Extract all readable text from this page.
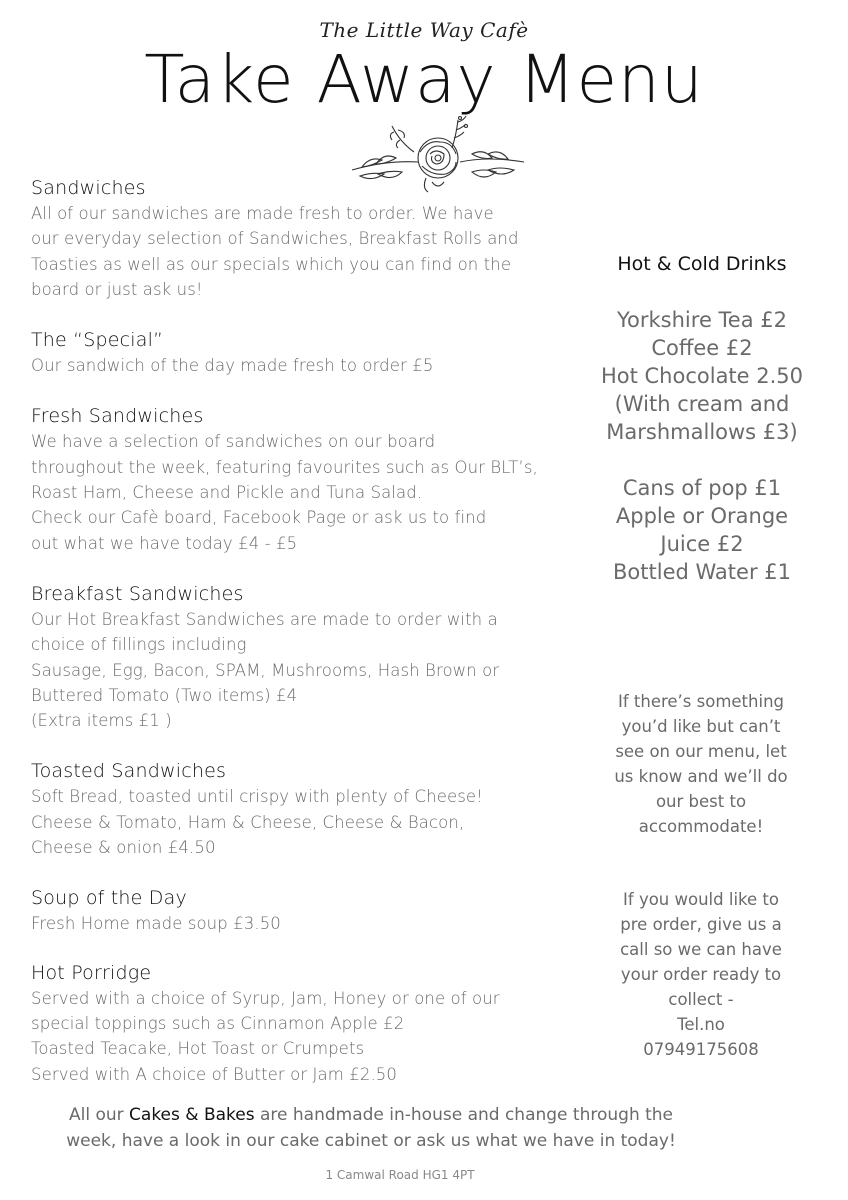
The Little Way Cafè
Take Away Menu
Sandwiches
All of our sandwiches are made fresh to order. We have
our everyday selection of Sandwiches, Breakfast Rolls and
Toasties as well as our specials which you can find on the
board or just ask us!
The “Special”
Our sandwich of the day made fresh to order £5
Fresh Sandwiches
We have a selection of sandwiches on our board
throughout the week, featuring favourites such as Our BLT’s,
Roast Ham, Cheese and Pickle and Tuna Salad.
Check our Cafè board, Facebook Page or ask us to find
out what we have today £4 - £5
Breakfast Sandwiches
Our Hot Breakfast Sandwiches are made to order with a
choice of fillings including
Sausage, Egg, Bacon, SPAM, Mushrooms, Hash Brown or
Buttered Tomato (Two items) £4
(Extra items £1 )
Toasted Sandwiches
Soft Bread, toasted until crispy with plenty of Cheese!
Cheese & Tomato, Ham & Cheese, Cheese & Bacon,
Cheese & onion £4.50
Soup of the Day
Fresh Home made soup £3.50
Hot Porridge
Served with a choice of Syrup, Jam, Honey or one of our
special toppings such as Cinnamon Apple £2
Toasted Teacake, Hot Toast or Crumpets
Served with A choice of Butter or Jam £2.50
Hot & Cold Drinks
Yorkshire Tea £2
Coffee £2
Hot Chocolate 2.50
(With cream and
Marshmallows £3)
Cans of pop £1
Apple or Orange
Juice £2
Bottled Water £1
If there’s something
you’d like but can’t
see on our menu, let
us know and we’ll do
our best to
accommodate!
If you would like to
pre order, give us a
call so we can have
your order ready to
collect -
Tel.no
07949175608
All our Cakes & Bakes are handmade in-house and change through the
week, have a look in our cake cabinet or ask us what we have in today!
1 Camwal Road HG1 4PT
